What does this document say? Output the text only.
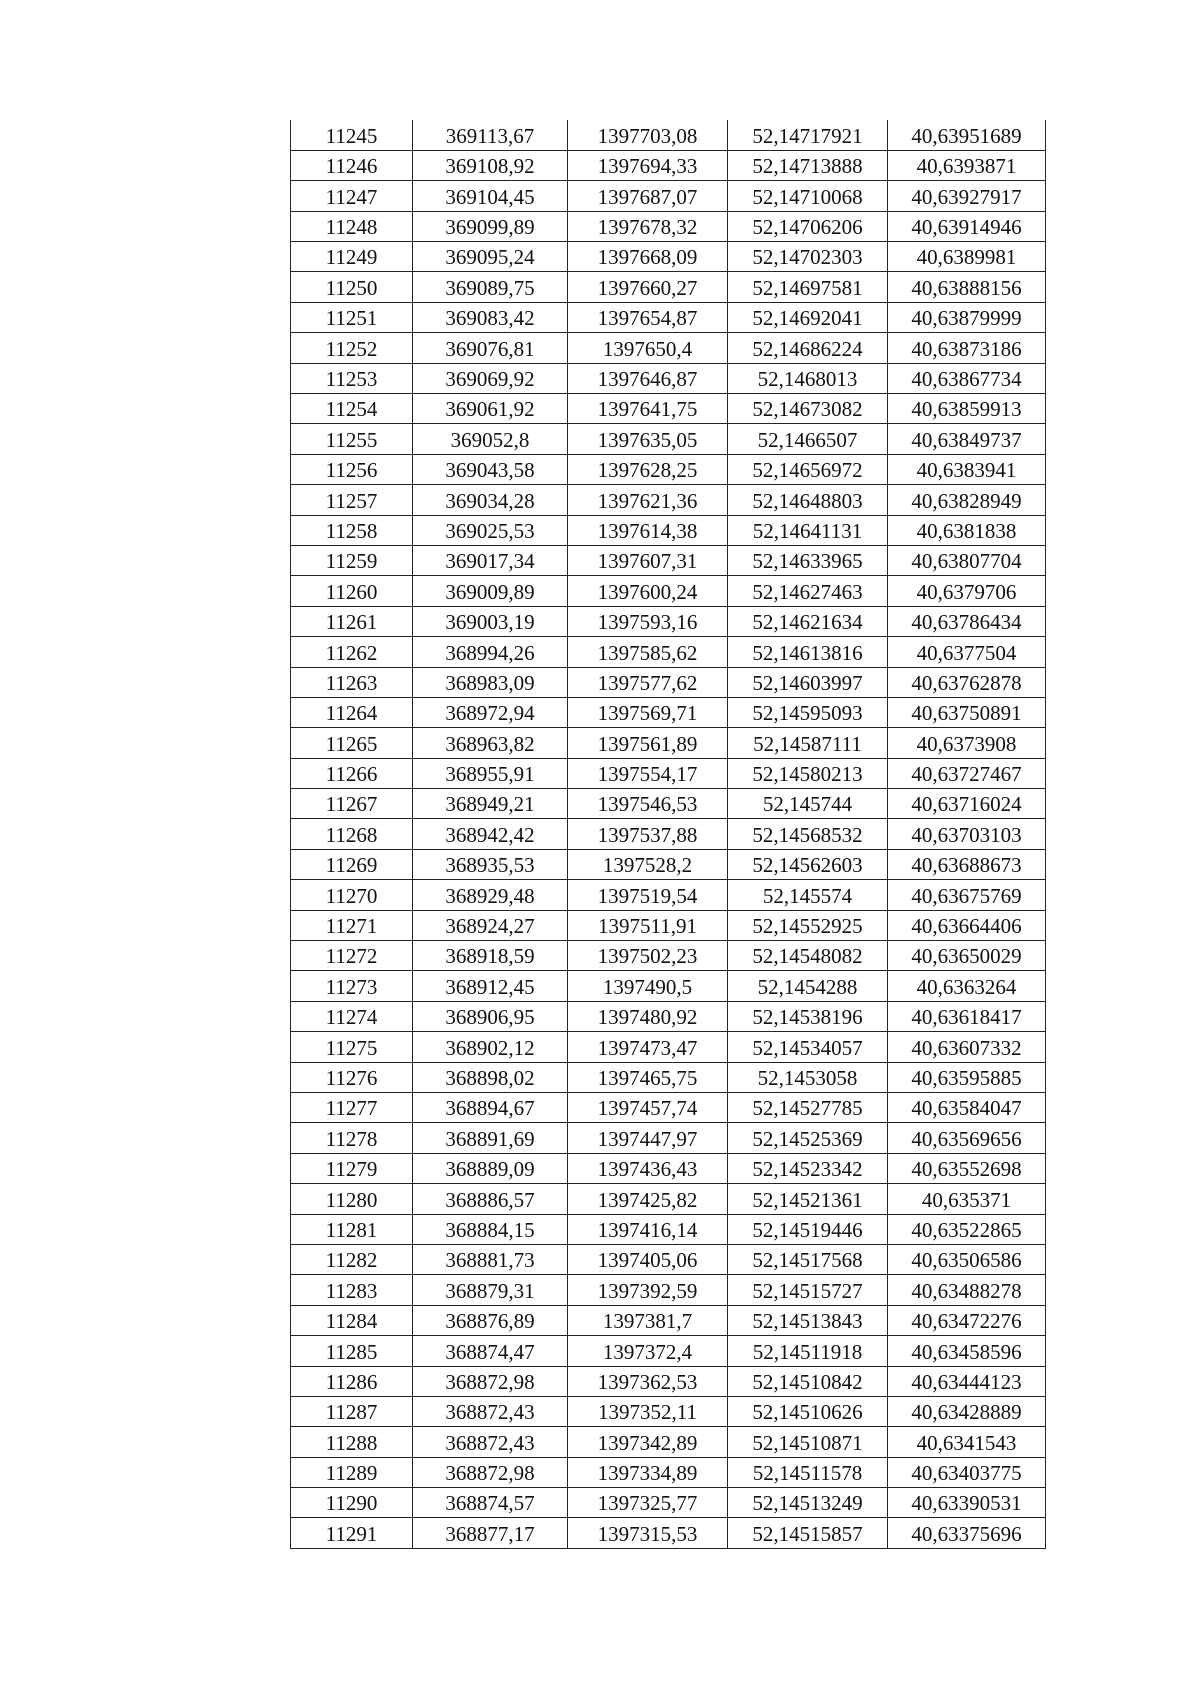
11245	369113,67	1397703,08	52,14717921	40,63951689
11246	369108,92	1397694,33	52,14713888	40,6393871
11247	369104,45	1397687,07	52,14710068	40,63927917
11248	369099,89	1397678,32	52,14706206	40,63914946
11249	369095,24	1397668,09	52,14702303	40,6389981
11250	369089,75	1397660,27	52,14697581	40,63888156
11251	369083,42	1397654,87	52,14692041	40,63879999
11252	369076,81	1397650,4	52,14686224	40,63873186
11253	369069,92	1397646,87	52,1468013	40,63867734
11254	369061,92	1397641,75	52,14673082	40,63859913
11255	369052,8	1397635,05	52,1466507	40,63849737
11256	369043,58	1397628,25	52,14656972	40,6383941
11257	369034,28	1397621,36	52,14648803	40,63828949
11258	369025,53	1397614,38	52,14641131	40,6381838
11259	369017,34	1397607,31	52,14633965	40,63807704
11260	369009,89	1397600,24	52,14627463	40,6379706
11261	369003,19	1397593,16	52,14621634	40,63786434
11262	368994,26	1397585,62	52,14613816	40,6377504
11263	368983,09	1397577,62	52,14603997	40,63762878
11264	368972,94	1397569,71	52,14595093	40,63750891
11265	368963,82	1397561,89	52,14587111	40,6373908
11266	368955,91	1397554,17	52,14580213	40,63727467
11267	368949,21	1397546,53	52,145744	40,63716024
11268	368942,42	1397537,88	52,14568532	40,63703103
11269	368935,53	1397528,2	52,14562603	40,63688673
11270	368929,48	1397519,54	52,145574	40,63675769
11271	368924,27	1397511,91	52,14552925	40,63664406
11272	368918,59	1397502,23	52,14548082	40,63650029
11273	368912,45	1397490,5	52,1454288	40,6363264
11274	368906,95	1397480,92	52,14538196	40,63618417
11275	368902,12	1397473,47	52,14534057	40,63607332
11276	368898,02	1397465,75	52,1453058	40,63595885
11277	368894,67	1397457,74	52,14527785	40,63584047
11278	368891,69	1397447,97	52,14525369	40,63569656
11279	368889,09	1397436,43	52,14523342	40,63552698
11280	368886,57	1397425,82	52,14521361	40,635371
11281	368884,15	1397416,14	52,14519446	40,63522865
11282	368881,73	1397405,06	52,14517568	40,63506586
11283	368879,31	1397392,59	52,14515727	40,63488278
11284	368876,89	1397381,7	52,14513843	40,63472276
11285	368874,47	1397372,4	52,14511918	40,63458596
11286	368872,98	1397362,53	52,14510842	40,63444123
11287	368872,43	1397352,11	52,14510626	40,63428889
11288	368872,43	1397342,89	52,14510871	40,6341543
11289	368872,98	1397334,89	52,14511578	40,63403775
11290	368874,57	1397325,77	52,14513249	40,63390531
11291	368877,17	1397315,53	52,14515857	40,63375696
